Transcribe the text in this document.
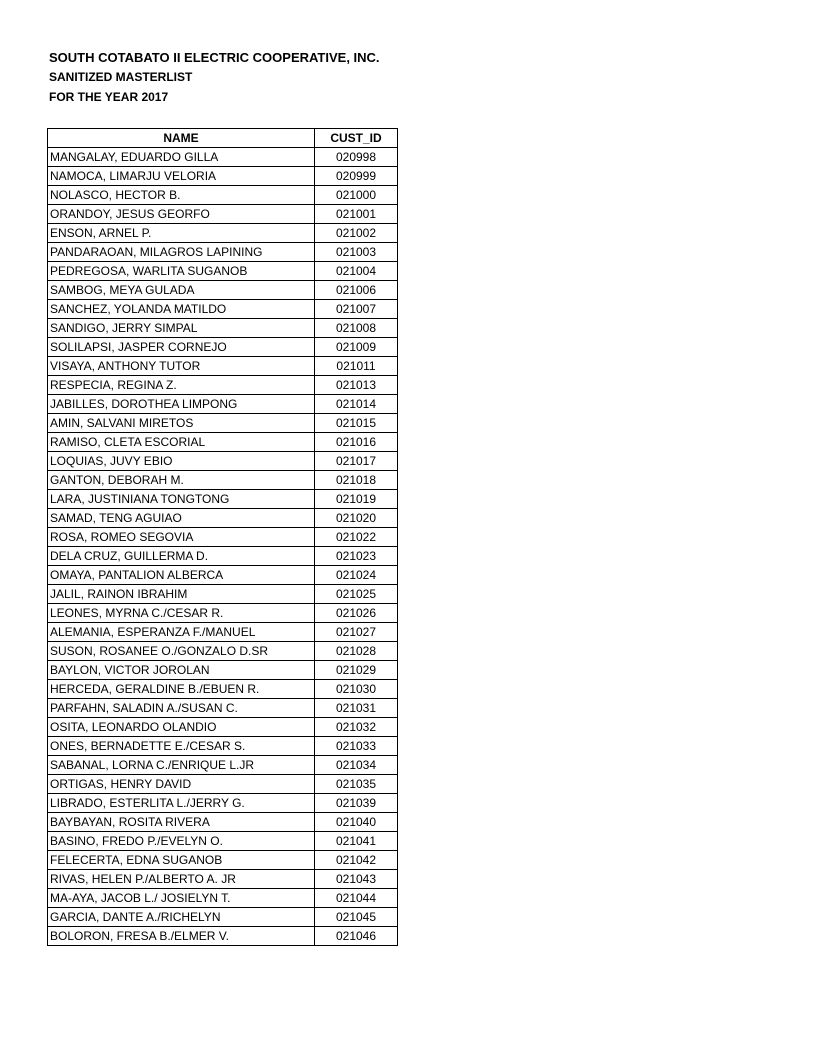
SOUTH COTABATO II ELECTRIC COOPERATIVE, INC.
SANITIZED MASTERLIST
FOR THE YEAR 2017
NAME	CUST_ID
MANGALAY, EDUARDO GILLA	020998
NAMOCA, LIMARJU VELORIA	020999
NOLASCO, HECTOR B.	021000
ORANDOY, JESUS GEORFO	021001
ENSON, ARNEL P.	021002
PANDARAOAN, MILAGROS LAPINING	021003
PEDREGOSA, WARLITA SUGANOB	021004
SAMBOG, MEYA GULADA	021006
SANCHEZ, YOLANDA MATILDO	021007
SANDIGO, JERRY SIMPAL	021008
SOLILAPSI, JASPER CORNEJO	021009
VISAYA, ANTHONY TUTOR	021011
RESPECIA, REGINA Z.	021013
JABILLES, DOROTHEA LIMPONG	021014
AMIN, SALVANI MIRETOS	021015
RAMISO, CLETA ESCORIAL	021016
LOQUIAS, JUVY EBIO	021017
GANTON, DEBORAH M.	021018
LARA, JUSTINIANA TONGTONG	021019
SAMAD, TENG AGUIAO	021020
ROSA, ROMEO SEGOVIA	021022
DELA CRUZ, GUILLERMA D.	021023
OMAYA, PANTALION ALBERCA	021024
JALIL, RAINON IBRAHIM	021025
LEONES, MYRNA C./CESAR R.	021026
ALEMANIA, ESPERANZA F./MANUEL	021027
SUSON, ROSANEE O./GONZALO D.SR	021028
BAYLON, VICTOR JOROLAN	021029
HERCEDA, GERALDINE B./EBUEN R.	021030
PARFAHN, SALADIN A./SUSAN C.	021031
OSITA, LEONARDO OLANDIO	021032
ONES, BERNADETTE E./CESAR S.	021033
SABANAL, LORNA C./ENRIQUE L.JR	021034
ORTIGAS, HENRY DAVID	021035
LIBRADO, ESTERLITA L./JERRY G.	021039
BAYBAYAN, ROSITA RIVERA	021040
BASINO, FREDO P./EVELYN O.	021041
FELECERTA, EDNA SUGANOB	021042
RIVAS, HELEN P./ALBERTO A. JR	021043
MA-AYA, JACOB L./ JOSIELYN T.	021044
GARCIA, DANTE A./RICHELYN	021045
BOLORON, FRESA B./ELMER V.	021046
